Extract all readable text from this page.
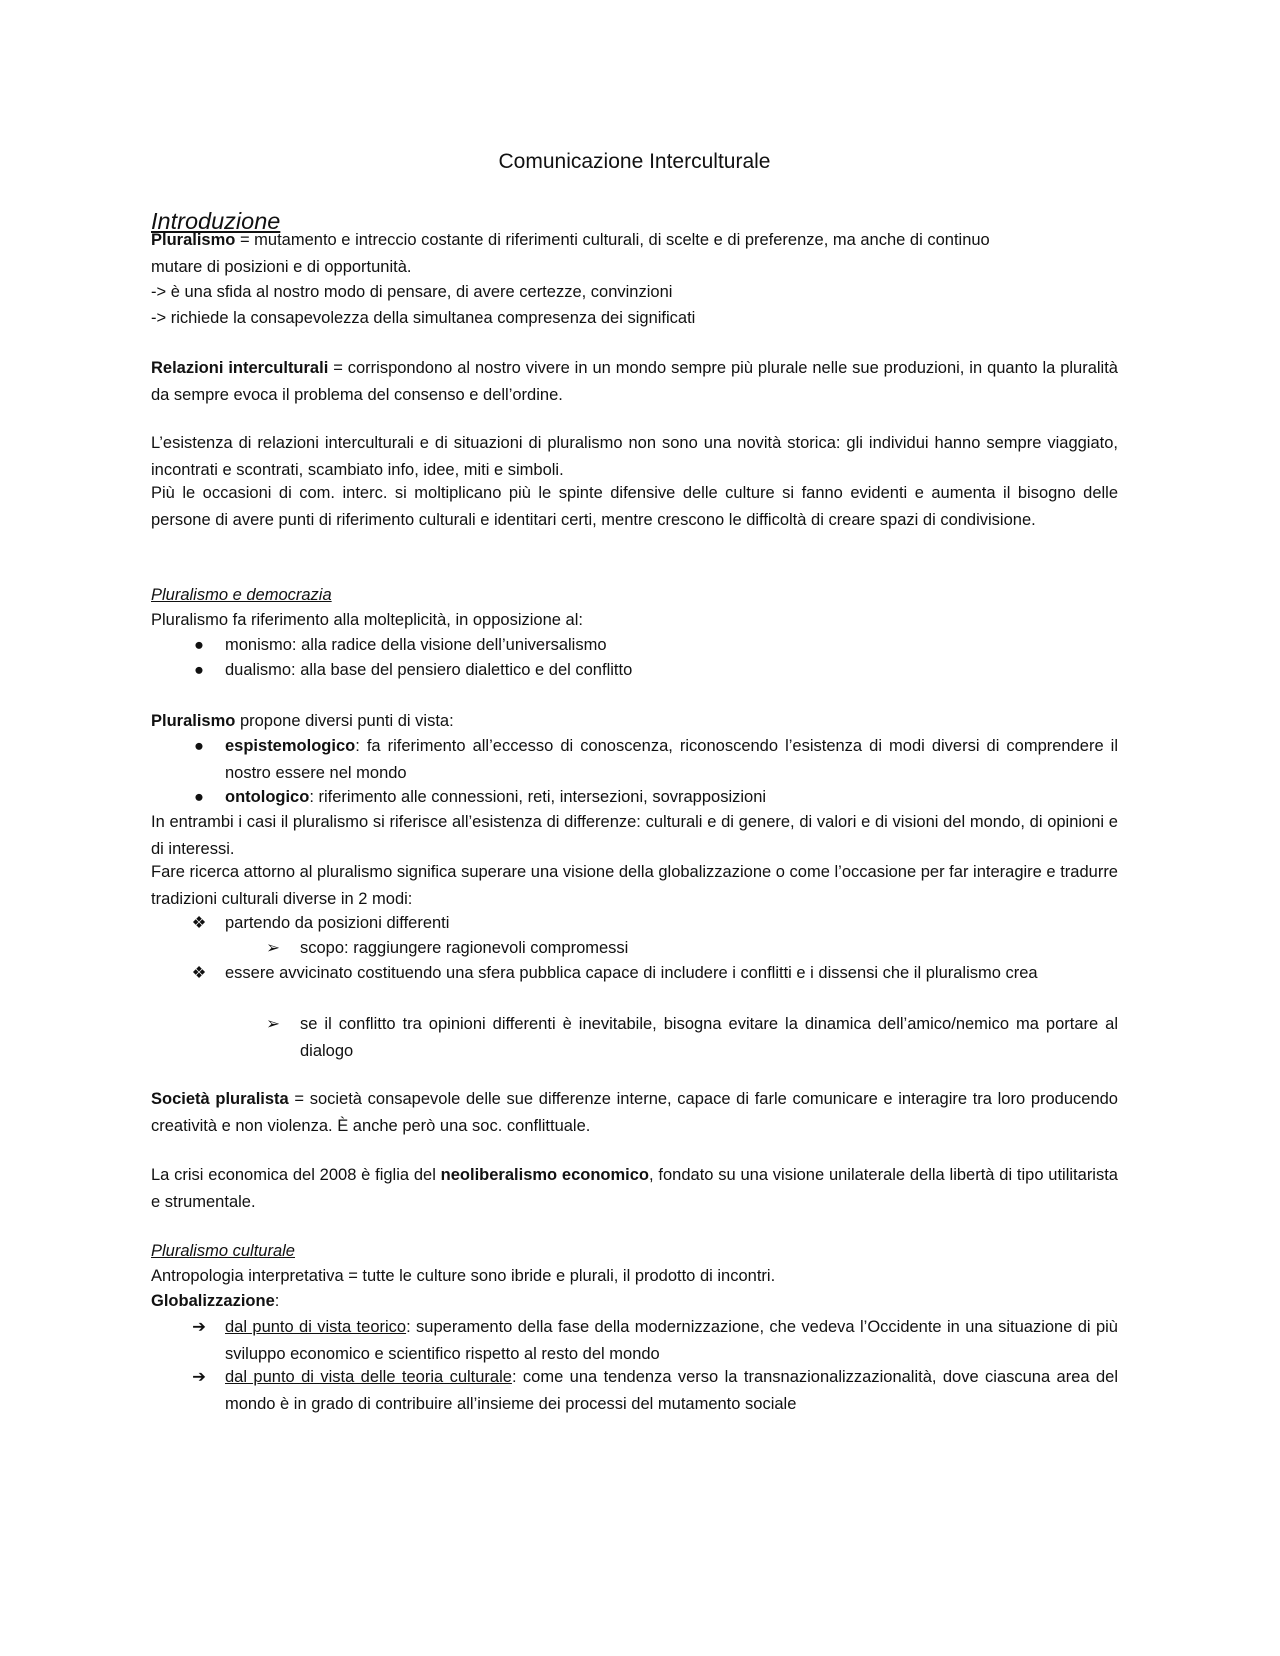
Comunicazione Interculturale
Introduzione

Pluralismo = mutamento e intreccio costante di riferimenti culturali, di scelte e di preferenze, ma anche di continuo
mutare di posizioni e di opportunità.

-> è una sfida al nostro modo di pensare, di avere certezze, convinzioni

-> richiede la consapevolezza della simultanea compresenza dei significati

Relazioni interculturali = corrispondono al nostro vivere in un mondo sempre più plurale nelle sue produzioni, in quanto la pluralità da sempre evoca il problema del consenso e dell’ordine.

L’esistenza di relazioni interculturali e di situazioni di pluralismo non sono una novità storica: gli individui hanno sempre viaggiato, incontrati e scontrati, scambiato info, idee, miti e simboli.

Più le occasioni di com. interc. si moltiplicano più le spinte difensive delle culture si fanno evidenti e aumenta il bisogno delle persone di avere punti di riferimento culturali e identitari certi, mentre crescono le difficoltà di creare spazi di condivisione.

Pluralismo e democrazia

Pluralismo fa riferimento alla molteplicità, in opposizione al:

●	monismo: alla radice della visione dell’universalismo
●	dualismo: alla base del pensiero dialettico e del conflitto

Pluralismo propone diversi punti di vista:

●	espistemologico: fa riferimento all’eccesso di conoscenza, riconoscendo l’esistenza di modi diversi di comprendere il nostro essere nel mondo
●	ontologico: riferimento alle connessioni, reti, intersezioni, sovrapposizioni

In entrambi i casi il pluralismo si riferisce all’esistenza di differenze: culturali e di genere, di valori e di visioni del mondo, di opinioni e di interessi.

Fare ricerca attorno al pluralismo significa superare una visione della globalizzazione o come l’occasione per far interagire e tradurre tradizioni culturali diverse in 2 modi:

❖ partendo da posizioni differenti
➢ scopo: raggiungere ragionevoli compromessi
❖ essere avvicinato costituendo una sfera pubblica capace di includere i conflitti e i dissensi che il pluralismo crea
➢ se il conflitto tra opinioni differenti è inevitabile, bisogna evitare la dinamica dell’amico/nemico ma portare al dialogo

Società pluralista = società consapevole delle sue differenze interne, capace di farle comunicare e interagire tra loro producendo creatività e non violenza. È anche però una soc. conflittuale.

La crisi economica del 2008 è figlia del neoliberalismo economico, fondato su una visione unilaterale della libertà di tipo utilitarista e strumentale.

Pluralismo culturale

Antropologia interpretativa = tutte le culture sono ibride e plurali, il prodotto di incontri.

Globalizzazione:

➔ dal punto di vista teorico: superamento della fase della modernizzazione, che vedeva l’Occidente in una situazione di più sviluppo economico e scientifico rispetto al resto del mondo
➔ dal punto di vista delle teoria culturale: come una tendenza verso la transnazionalizzazionalità, dove ciascuna area del mondo è in grado di contribuire all’insieme dei processi del mutamento sociale
